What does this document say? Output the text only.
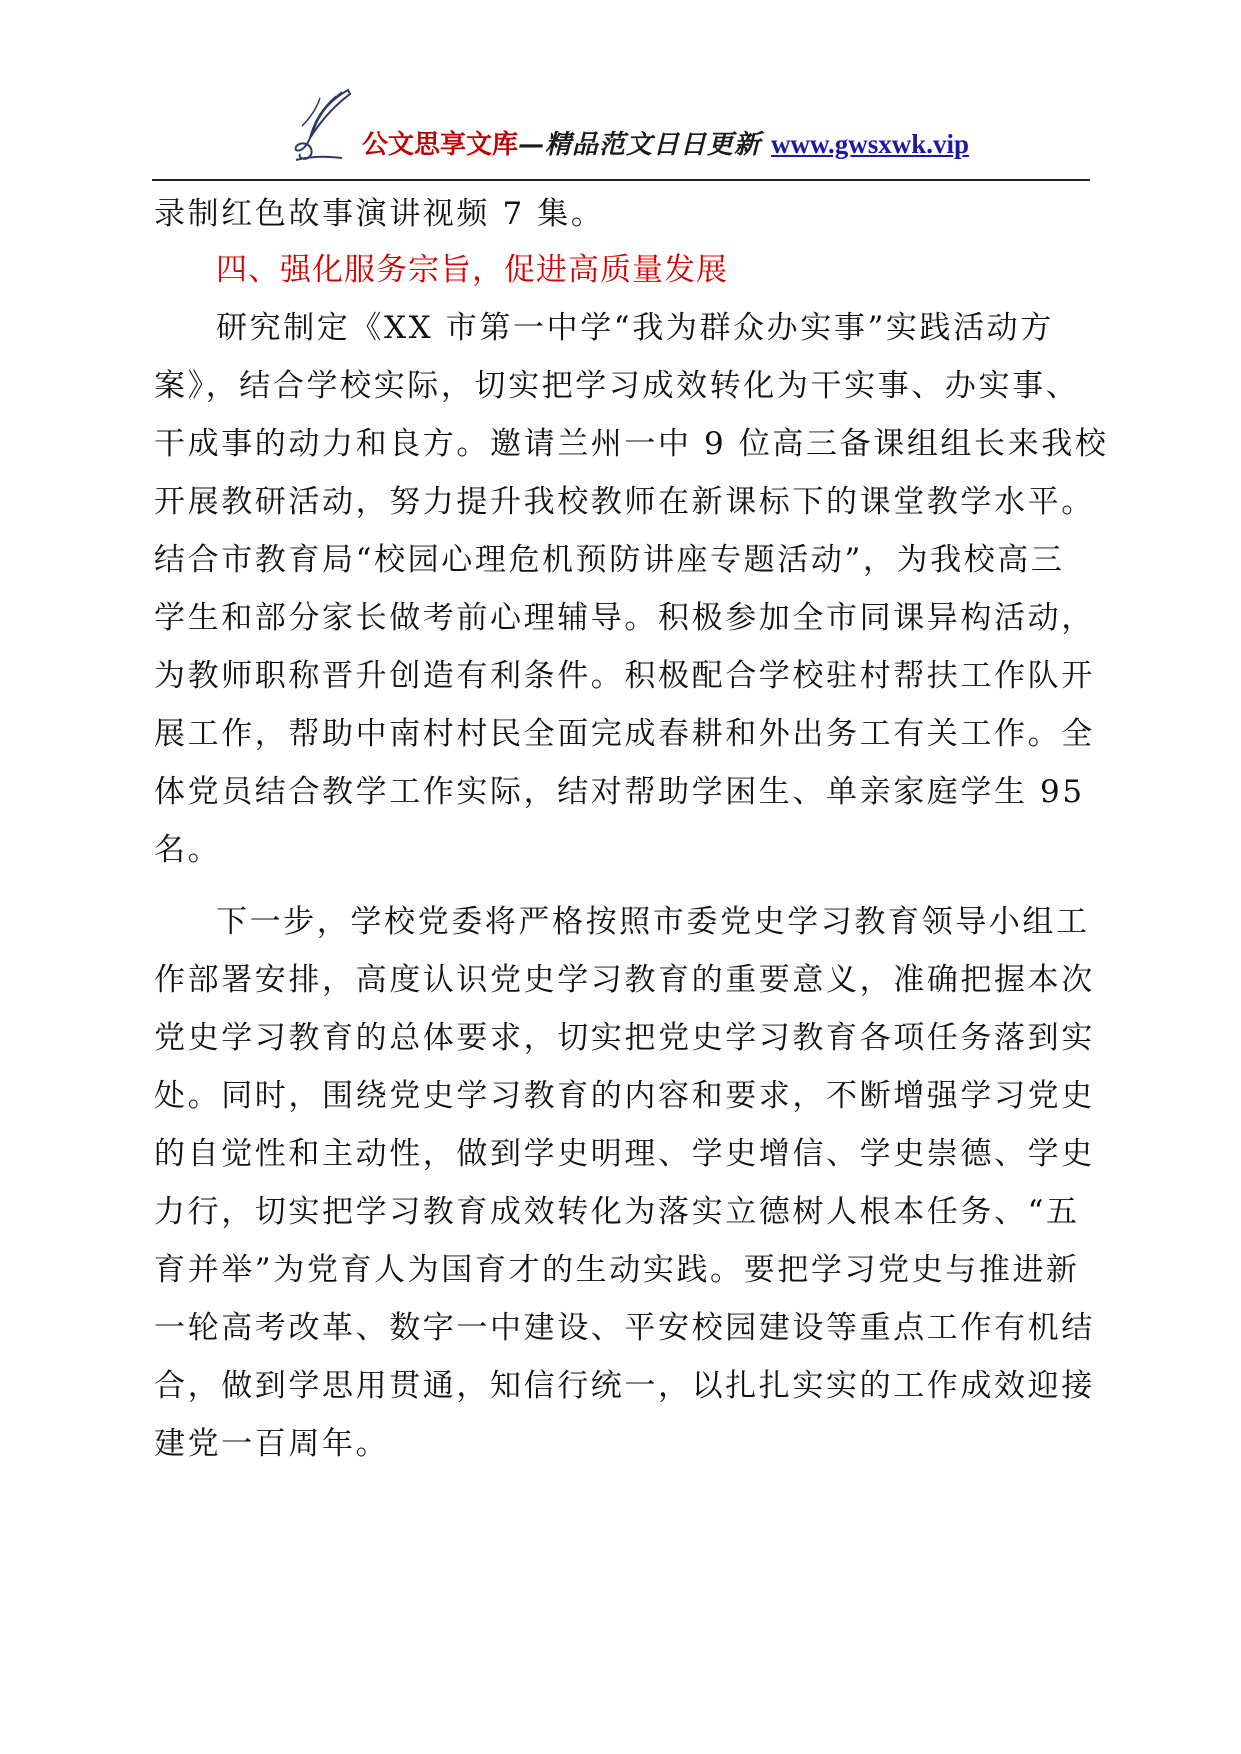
公文思享文库—精品范文日日更新 www.gwsxwk.vip
录制红色故事演讲视频 7 集。
四、强化服务宗旨，促进高质量发展
研究制定《XX 市第一中学“我为群众办实事”实践活动方
案》，结合学校实际，切实把学习成效转化为干实事、办实事、
干成事的动力和良方。邀请兰州一中 9 位高三备课组组长来我校
开展教研活动，努力提升我校教师在新课标下的课堂教学水平。
结合市教育局“校园心理危机预防讲座专题活动”，为我校高三
学生和部分家长做考前心理辅导。积极参加全市同课异构活动，
为教师职称晋升创造有利条件。积极配合学校驻村帮扶工作队开
展工作，帮助中南村村民全面完成春耕和外出务工有关工作。全
体党员结合教学工作实际，结对帮助学困生、单亲家庭学生 95
名。
下一步，学校党委将严格按照市委党史学习教育领导小组工
作部署安排，高度认识党史学习教育的重要意义，准确把握本次
党史学习教育的总体要求，切实把党史学习教育各项任务落到实
处。同时，围绕党史学习教育的内容和要求，不断增强学习党史
的自觉性和主动性，做到学史明理、学史增信、学史崇德、学史
力行，切实把学习教育成效转化为落实立德树人根本任务、“五
育并举”为党育人为国育才的生动实践。要把学习党史与推进新
一轮高考改革、数字一中建设、平安校园建设等重点工作有机结
合，做到学思用贯通，知信行统一，以扎扎实实的工作成效迎接
建党一百周年。
